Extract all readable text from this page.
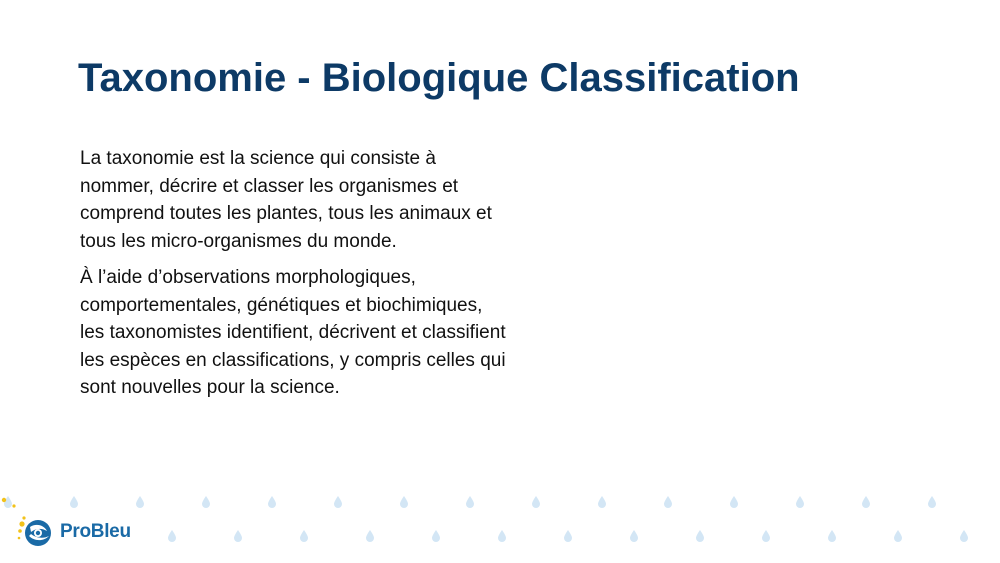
Taxonomie - Biologique Classification

La taxonomie est la science qui consiste à nommer, décrire et classer les organismes et comprend toutes les plantes, tous les animaux et tous les micro-organismes du monde.

À l’aide d’observations morphologiques, comportementales, génétiques et biochimiques, les taxonomistes identifient, décrivent et classifient les espèces en classifications, y compris celles qui sont nouvelles pour la science.

ProBleu
